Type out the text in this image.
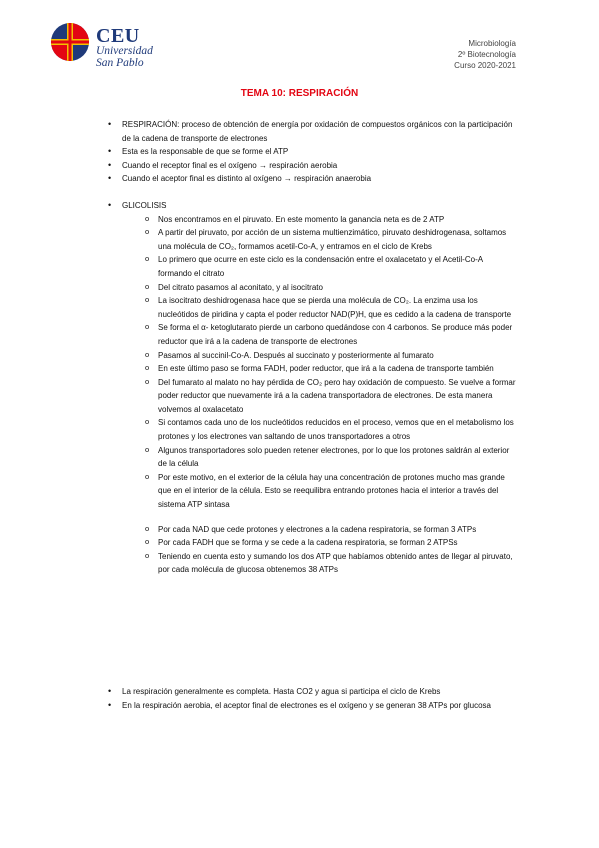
CEU
Universidad
San Pablo
Microbiología
2º Biotecnología
Curso 2020-2021
TEMA 10: RESPIRACIÓN
• RESPIRACIÓN: proceso de obtención de energía por oxidación de compuestos orgánicos con la participación de la cadena de transporte de electrones
• Esta es la responsable de que se forme el ATP
• Cuando el receptor final es el oxígeno → respiración aerobia
• Cuando el aceptor final es distinto al oxígeno → respiración anaerobia
• GLICOLISIS
o Nos encontramos en el piruvato. En este momento la ganancia neta es de 2 ATP
o A partir del piruvato, por acción de un sistema multienzimático, piruvato deshidrogenasa, soltamos una molécula de CO₂, formamos acetil-Co-A, y entramos en el ciclo de Krebs
o Lo primero que ocurre en este ciclo es la condensación entre el oxalacetato y el Acetil-Co-A formando el citrato
o Del citrato pasamos al aconitato, y al isocitrato
o La isocitrato deshidrogenasa hace que se pierda una molécula de CO₂. La enzima usa los nucleótidos de piridina y capta el poder reductor NAD(P)H, que es cedido a la cadena de transporte
o Se forma el α- ketoglutarato pierde un carbono quedándose con 4 carbonos. Se produce más poder reductor que irá a la cadena de transporte de electrones
o Pasamos al succinil-Co-A. Después al succinato y posteriormente al fumarato
o En este último paso se forma FADH, poder reductor, que irá a la cadena de transporte también
o Del fumarato al malato no hay pérdida de CO₂ pero hay oxidación de compuesto. Se vuelve a formar poder reductor que nuevamente irá a la cadena transportadora de electrones. De esta manera volvemos al oxalacetato
o Si contamos cada uno de los nucleótidos reducidos en el proceso, vemos que en el metabolismo los protones y los electrones van saltando de unos transportadores a otros
o Algunos transportadores solo pueden retener electrones, por lo que los protones saldrán al exterior de la célula
o Por este motivo, en el exterior de la célula hay una concentración de protones mucho mas grande que en el interior de la célula. Esto se reequilibra entrando protones hacia el interior a través del sistema ATP sintasa
o Por cada NAD que cede protones y electrones a la cadena respiratoria, se forman 3 ATPs
o Por cada FADH que se forma y se cede a la cadena respiratoria, se forman 2 ATPSs
o Teniendo en cuenta esto y sumando los dos ATP que habíamos obtenido antes de llegar al piruvato, por cada molécula de glucosa obtenemos 38 ATPs
• La respiración generalmente es completa. Hasta CO2 y agua si participa el ciclo de Krebs
• En la respiración aerobia, el aceptor final de electrones es el oxígeno y se generan 38 ATPs por glucosa
